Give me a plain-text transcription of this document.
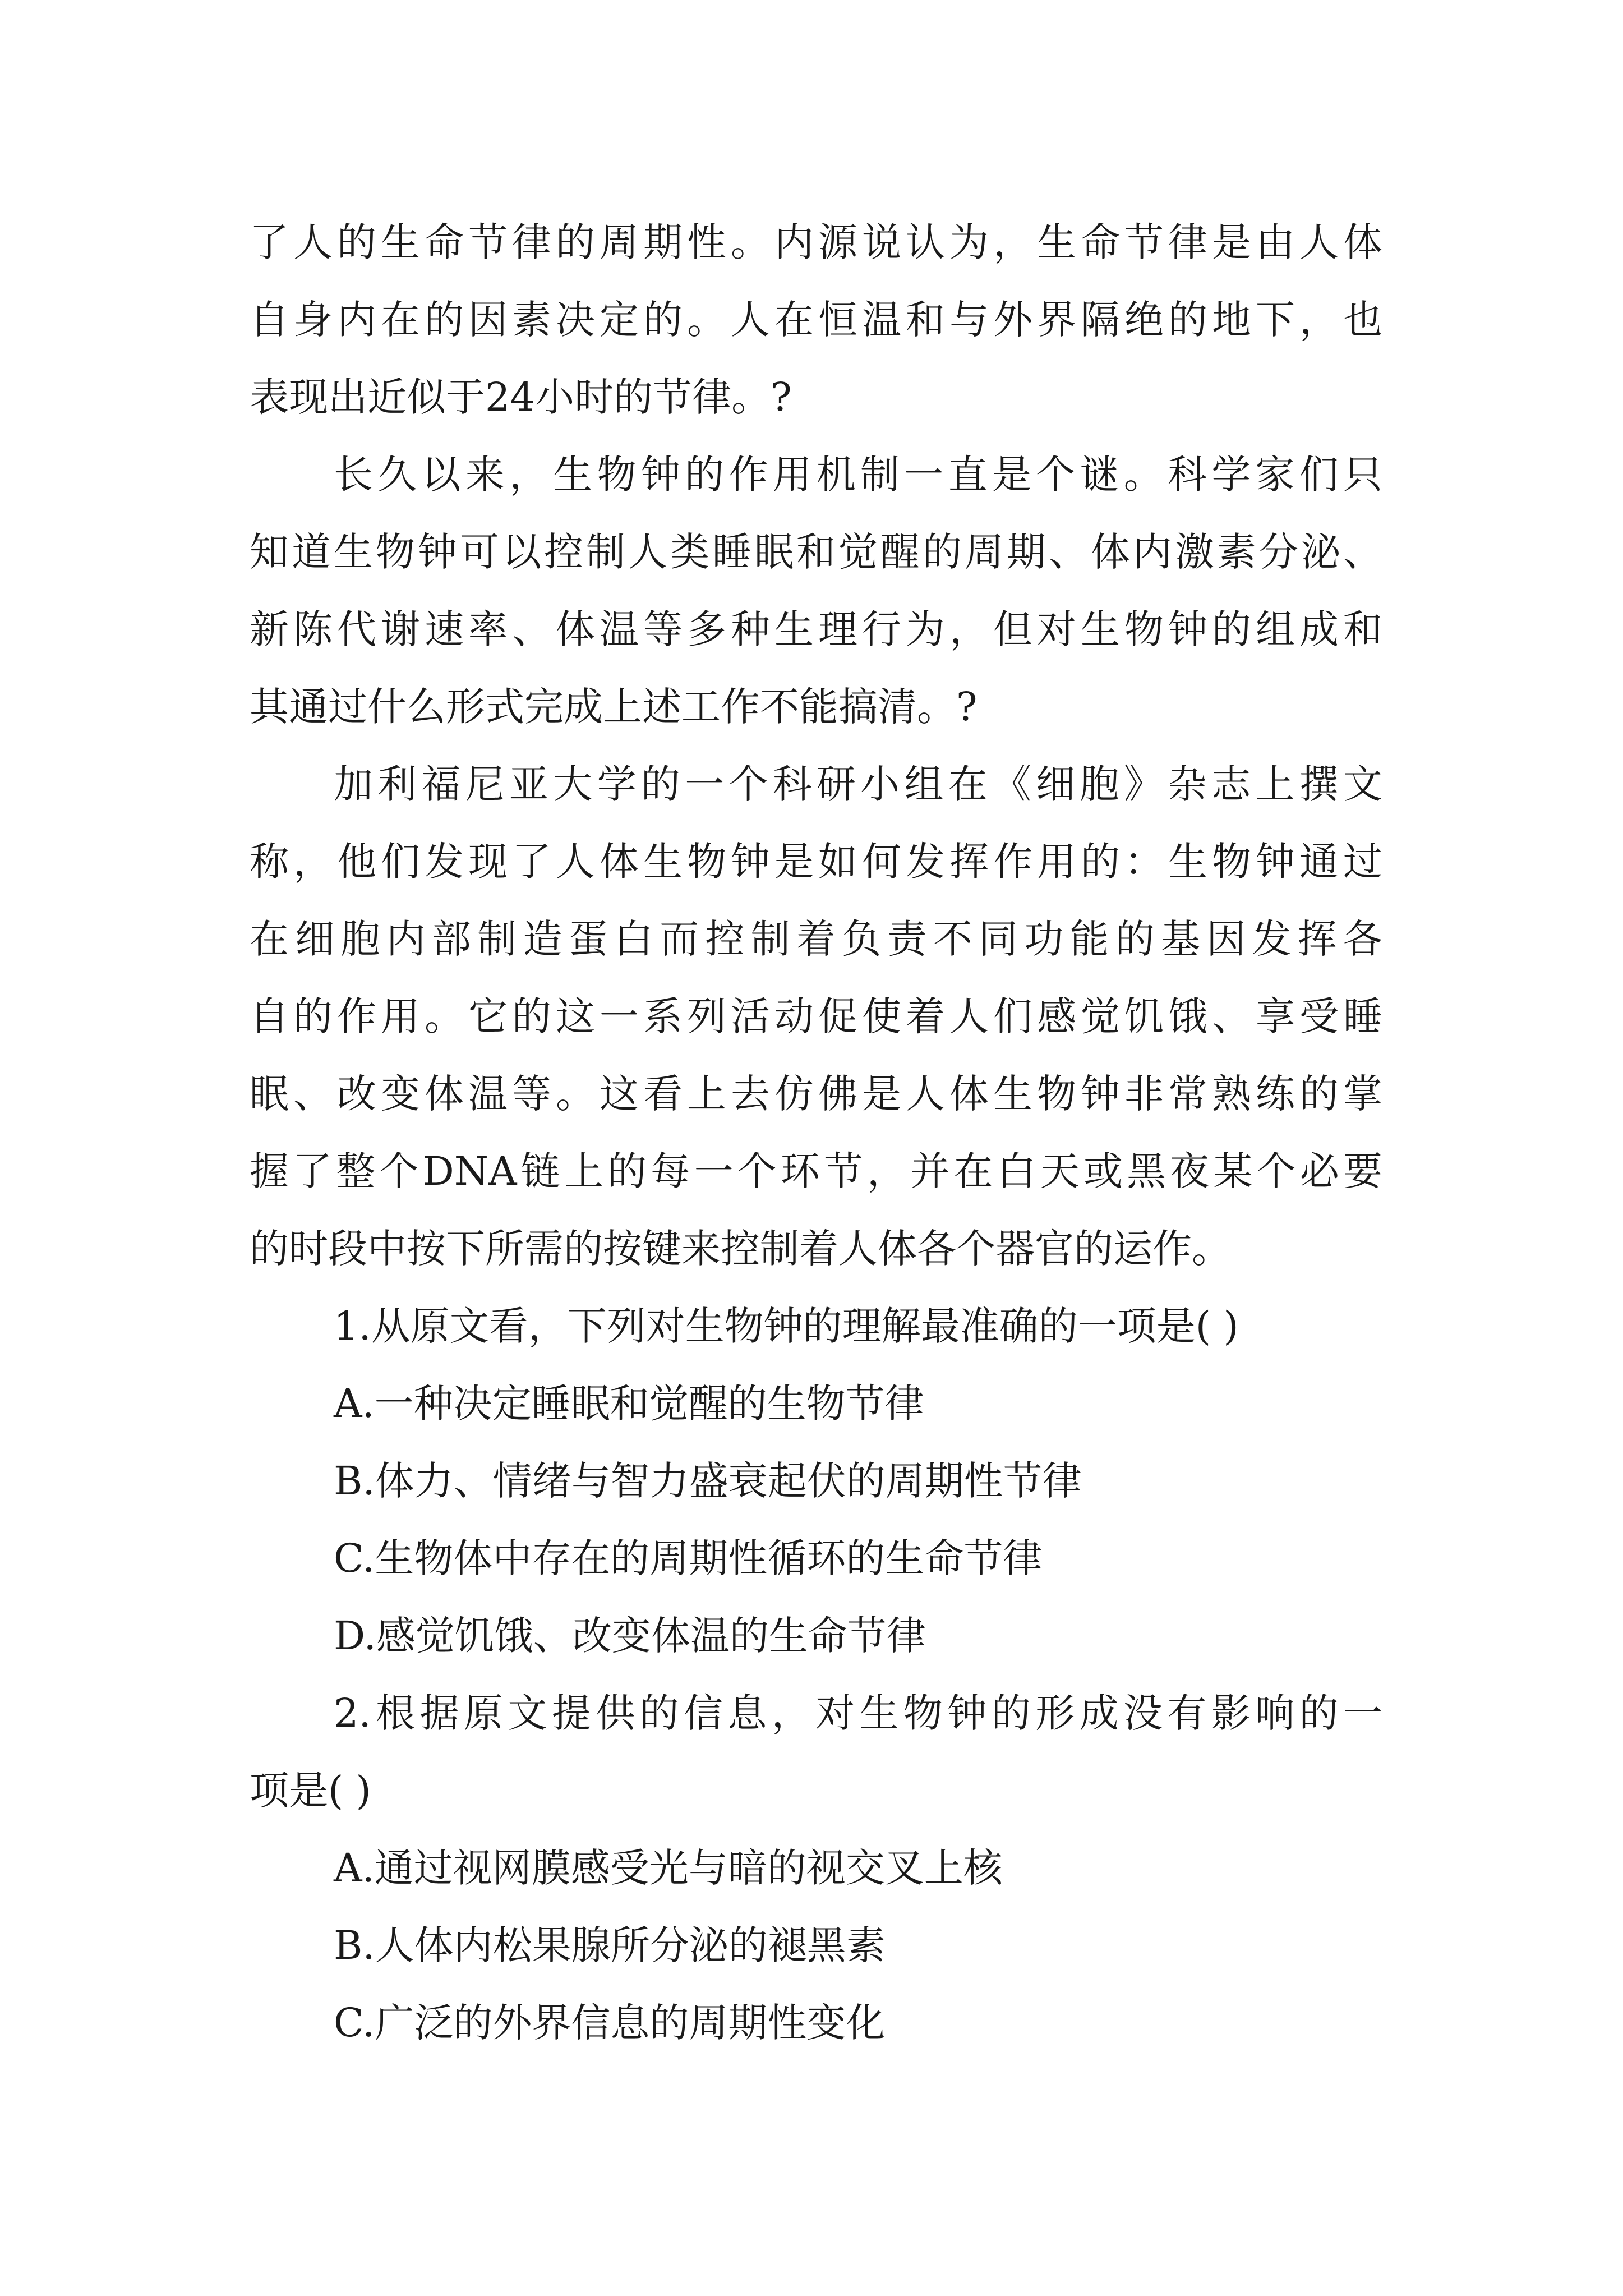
了人的生命节律的周期性。内源说认为，生命节律是由人体
自身内在的因素决定的。人在恒温和与外界隔绝的地下，也
表现出近似于24小时的节律。?
长久以来，生物钟的作用机制一直是个谜。科学家们只
知道生物钟可以控制人类睡眠和觉醒的周期、体内激素分泌、
新陈代谢速率、体温等多种生理行为，但对生物钟的组成和
其通过什么形式完成上述工作不能搞清。?
加利福尼亚大学的一个科研小组在《细胞》杂志上撰文
称，他们发现了人体生物钟是如何发挥作用的：生物钟通过
在细胞内部制造蛋白而控制着负责不同功能的基因发挥各
自的作用。它的这一系列活动促使着人们感觉饥饿、享受睡
眠、改变体温等。这看上去仿佛是人体生物钟非常熟练的掌
握了整个DNA链上的每一个环节，并在白天或黑夜某个必要
的时段中按下所需的按键来控制着人体各个器官的运作。
1.从原文看，下列对生物钟的理解最准确的一项是( )
A.一种决定睡眠和觉醒的生物节律
B.体力、情绪与智力盛衰起伏的周期性节律
C.生物体中存在的周期性循环的生命节律
D.感觉饥饿、改变体温的生命节律
2.根据原文提供的信息，对生物钟的形成没有影响的一
项是( )
A.通过视网膜感受光与暗的视交叉上核
B.人体内松果腺所分泌的褪黑素
C.广泛的外界信息的周期性变化
